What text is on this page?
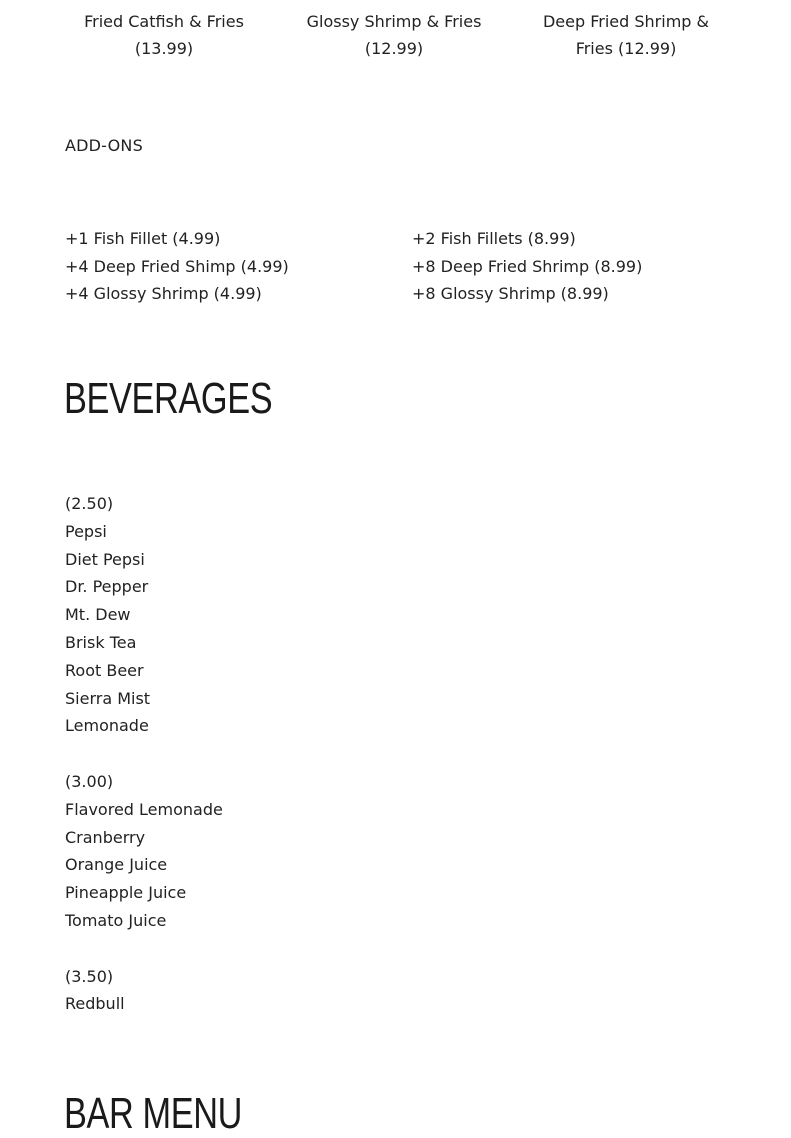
Fried Catfish & Fries
(13.99)
Glossy Shrimp & Fries
(12.99)
Deep Fried Shrimp &
Fries (12.99)
ADD-ONS
+1 Fish Fillet (4.99)
+4 Deep Fried Shimp (4.99)
+4 Glossy Shrimp (4.99)
+2 Fish Fillets (8.99)
+8 Deep Fried Shrimp (8.99)
+8 Glossy Shrimp (8.99)
BEVERAGES
(2.50)
Pepsi
Diet Pepsi
Dr. Pepper
Mt. Dew
Brisk Tea
Root Beer
Sierra Mist
Lemonade
(3.00)
Flavored Lemonade
Cranberry
Orange Juice
Pineapple Juice
Tomato Juice
(3.50)
Redbull
BAR MENU
